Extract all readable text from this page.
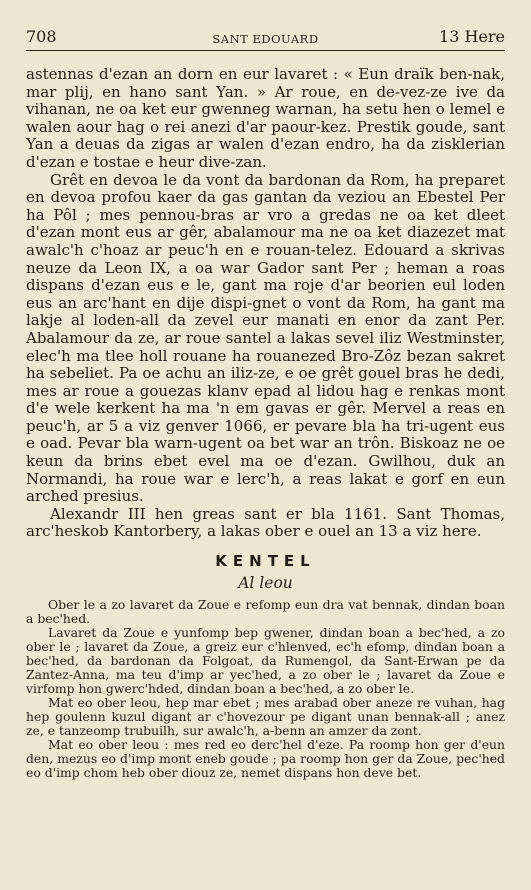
708	SANT EDOUARD	13 Here

astennas d'ezan an dorn en eur lavaret : « Eun draïk ben-nak, mar plij, en hano sant Yan. » Ar roue, en de-vez-ze ive da vihanan, ne oa ket eur gwenneg warnan, ha setu hen o lemel e walen aour hag o rei anezi d'ar paour-kez. Prestik goude, sant Yan a deuas da zigas ar walen d'ezan endro, ha da zisklerian d'ezan e tostae e heur dive-zan.

Grêt en devoa le da vont da bardonan da Rom, ha preparet en devoa profou kaer da gas gantan da veziou an Ebestel Per ha Pôl ; mes pennou-bras ar vro a gredas ne oa ket dleet d'ezan mont eus ar gêr, abalamour ma ne oa ket diazezet mat awalc'h c'hoaz ar peuc'h en e rouan-telez. Edouard a skrivas neuze da Leon IX, a oa war Gador sant Per ; heman a roas dispans d'ezan eus e le, gant ma roje d'ar beorien eul loden eus an arc'hant en dije dispi-gnet o vont da Rom, ha gant ma lakje al loden-all da zevel eur manati en enor da zant Per. Abalamour da ze, ar roue santel a lakas sevel iliz Westminster, elec'h ma tlee holl rouane ha rouanezed Bro-Zôz bezan sakret ha sebeliet. Pa oe achu an iliz-ze, e oe grêt gouel bras he dedi, mes ar roue a gouezas klanv epad al lidou hag e renkas mont d'e wele kerkent ha ma 'n em gavas er gêr. Mervel a reas en peuc'h, ar 5 a viz genver 1066, er pevare bla ha tri-ugent eus e oad. Pevar bla warn-ugent oa bet war an trôn. Biskoaz ne oe keun da brins ebet evel ma oe d'ezan. Gwilhou, duk an Normandi, ha roue war e lerc'h, a reas lakat e gorf en eun arched presius.

Alexandr III hen greas sant er bla 1161. Sant Thomas, arc'heskob Kantorbery, a lakas ober e ouel an 13 a viz here.

KENTEL
Al leou

Ober le a zo lavaret da Zoue e refomp eun dra vat bennak, dindan boan a bec'hed.

Lavaret da Zoue e yunfomp bep gwener, dindan boan a bec'hed, a zo ober le ; lavaret da Zoue, a greiz eur c'hlenved, ec'h efomp, dindan boan a bec'hed, da bardonan da Folgoat, da Rumengol, da Sant-Erwan pe da Zantez-Anna, ma teu d'imp ar yec'hed, a zo ober le ; lavaret da Zoue e virfomp hon gwerc'hded, dindan boan a bec'hed, a zo ober le.

Mat eo ober leou, hep mar ebet ; mes arabad ober aneze re vuhan, hag hep goulenn kuzul digant ar c'hovezour pe digant unan bennak-all ; anez ze, e tanzeomp trubuilh, sur awalc'h, a-benn an amzer da zont.

Mat eo ober leou : mes red eo derc'hel d'eze. Pa roomp hon ger d'eun den, mezus eo d'imp mont eneb goude ; pa roomp hon ger da Zoue, pec'hed eo d'imp chom heb ober diouz ze, nemet dispans hon deve bet.
